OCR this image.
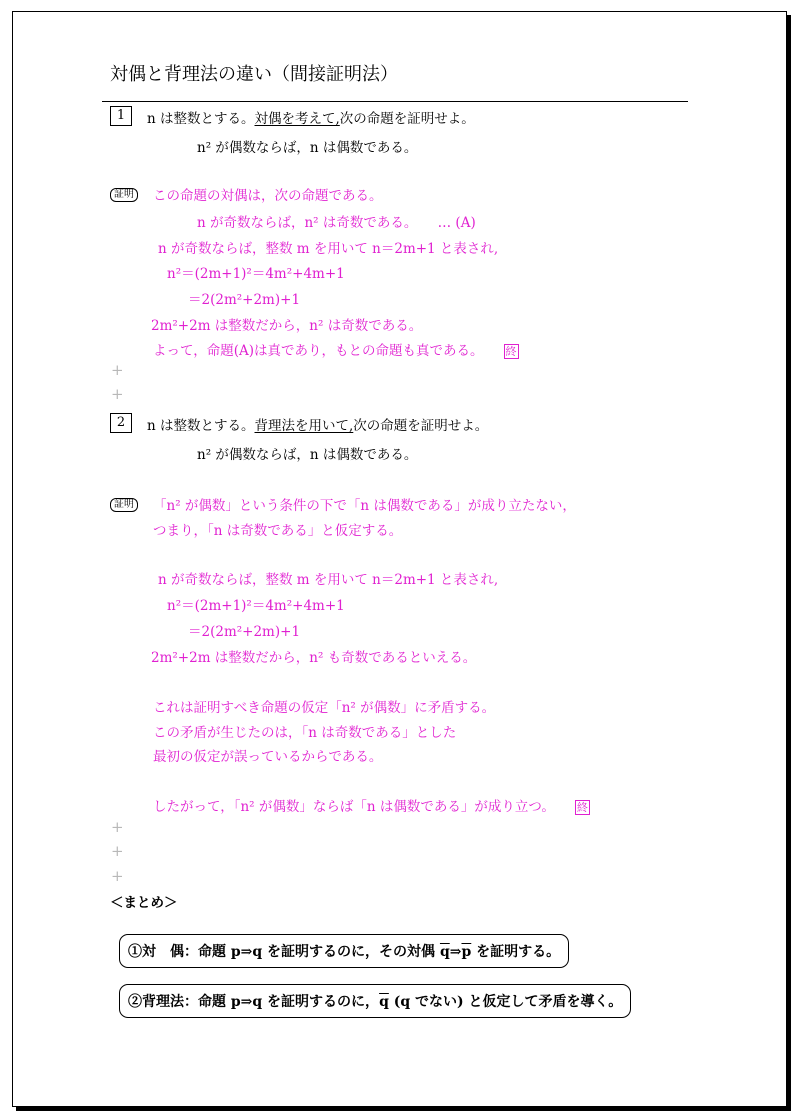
対偶と背理法の違い（間接証明法）
1	n は整数とする。対偶を考えて,次の命題を証明せよ。
n² が偶数ならば，n は偶数である。
証明 この命題の対偶は，次の命題である。
n が奇数ならば，n² は奇数である。　　… (A)
n が奇数ならば，整数 m を用いて n＝2m+1 と表され,
n²＝(2m+1)²＝4m²+4m+1
＝2(2m²+2m)+1
2m²+2m は整数だから，n² は奇数である。
よって，命題(A)は真であり，もとの命題も真である。 終
+
+
2	n は整数とする。背理法を用いて,次の命題を証明せよ。
n² が偶数ならば，n は偶数である。
証明 「n² が偶数」という条件の下で「n は偶数である」が成り立たない，
つまり，「n は奇数である」と仮定する。
n が奇数ならば，整数 m を用いて n＝2m+1 と表され,
n²＝(2m+1)²＝4m²+4m+1
＝2(2m²+2m)+1
2m²+2m は整数だから，n² も奇数であるといえる。
これは証明すべき命題の仮定「n² が偶数」に矛盾する。
この矛盾が生じたのは，「n は奇数である」とした
最初の仮定が誤っているからである。
したがって，「n² が偶数」ならば「n は偶数である」が成り立つ。 終
+
+
+
＜まとめ＞
①対　偶：命題 p⇒q を証明するのに，その対偶 $\overline{q}\Rightarrow\overline{p}$ を証明する。
②背理法：命題 p⇒q を証明するのに，$\overline{q}$ (q でない) と仮定して矛盾を導く。
